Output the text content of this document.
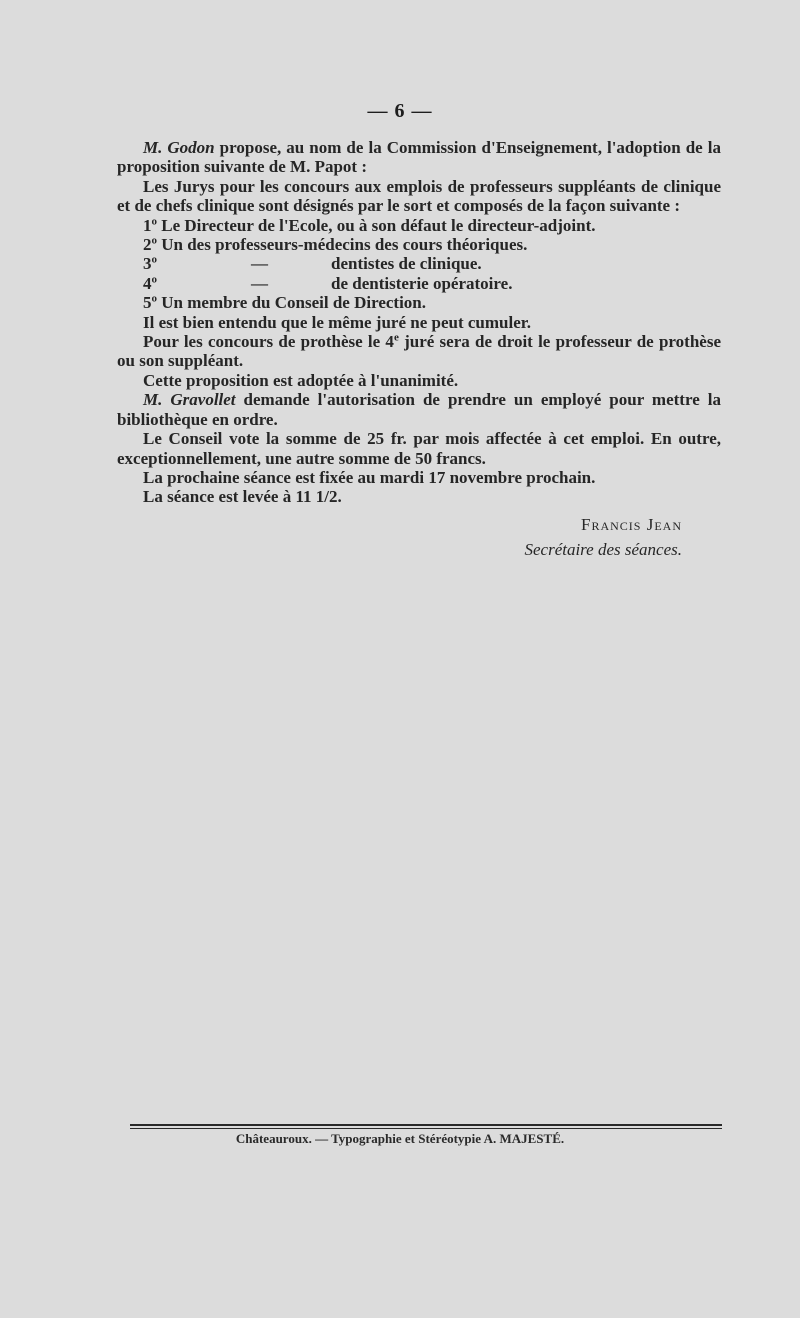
— 6 —

M. Godon propose, au nom de la Commission d'Enseignement, l'adoption de la proposition suivante de M. Papot :

Les Jurys pour les concours aux emplois de professeurs suppléants de clinique et de chefs clinique sont désignés par le sort et composés de la façon suivante :

1$^o$ Le Directeur de l'Ecole, ou à son défaut le directeur-adjoint.

2$^o$ Un des professeurs-médecins des cours théoriques.

3$^o$	—	dentistes de clinique.
4$^o$	—	de dentisterie opératoire.

5$^o$ Un membre du Conseil de Direction.

Il est bien entendu que le même juré ne peut cumuler.

Pour les concours de prothèse le 4e juré sera de droit le professeur de prothèse ou son suppléant.

Cette proposition est adoptée à l'unanimité.

M. Gravollet demande l'autorisation de prendre un employé pour mettre la bibliothèque en ordre.

Le Conseil vote la somme de 25 fr. par mois affectée à cet emploi. En outre, exceptionnellement, une autre somme de 50 francs.

La prochaine séance est fixée au mardi 17 novembre prochain.

La séance est levée à 11 1/2.

Francis Jean
Secrétaire des séances.
Châteauroux. — Typographie et Stéréotypie A. MAJESTÉ.
